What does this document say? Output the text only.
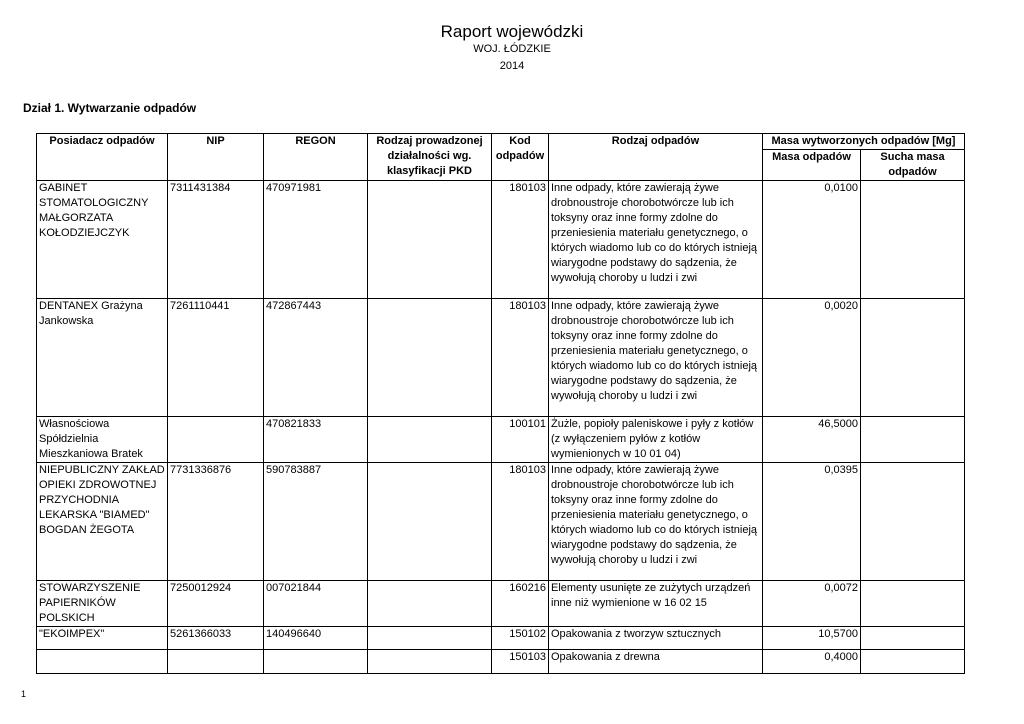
Raport wojewódzki
WOJ. ŁÓDZKIE
2014
Dział 1. Wytwarzanie odpadów
Posiadacz odpadów	NIP	REGON	Rodzaj prowadzonej działalności wg. klasyfikacji PKD	Kod odpadów	Rodzaj odpadów	Masa wytworzonych odpadów [Mg]	
						Masa odpadów	Sucha masa odpadów

GABINET STOMATOLOGICZNY MAŁGORZATA KOŁODZIEJCZYK	7311431384	470971981		180103	Inne odpady, które zawierają żywe drobnoustroje chorobotwórcze lub ich toksyny oraz inne formy zdolne do przeniesienia materiału genetycznego, o których wiadomo lub co do których istnieją wiarygodne podstawy do sądzenia, że wywołują choroby u ludzi i zwi	0,0100	
DENTANEX Grażyna Jankowska	7261110441	472867443		180103	Inne odpady, które zawierają żywe drobnoustroje chorobotwórcze lub ich toksyny oraz inne formy zdolne do przeniesienia materiału genetycznego, o których wiadomo lub co do których istnieją wiarygodne podstawy do sądzenia, że wywołują choroby u ludzi i zwi	0,0020	
Własnościowa Spółdzielnia Mieszkaniowa Bratek		470821833		100101	Żużle, popioły paleniskowe i pyły z kotłów (z wyłączeniem pyłów z kotłów wymienionych w 10 01 04)	46,5000	
NIEPUBLICZNY ZAKŁAD OPIEKI ZDROWOTNEJ PRZYCHODNIA LEKARSKA "BIAMED" BOGDAN ŻEGOTA	7731336876	590783887		180103	Inne odpady, które zawierają żywe drobnoustroje chorobotwórcze lub ich toksyny oraz inne formy zdolne do przeniesienia materiału genetycznego, o których wiadomo lub co do których istnieją wiarygodne podstawy do sądzenia, że wywołują choroby u ludzi i zwi	0,0395	
STOWARZYSZENIE PAPIERNIKÓW POLSKICH	7250012924	007021844		160216	Elementy usunięte ze zużytych urządzeń inne niż wymienione w 16 02 15	0,0072	
"EKOIMPEX"	5261366033	140496640		150102	Opakowania z tworzyw sztucznych	10,5700	
				150103	Opakowania z drewna	0,4000	
1
